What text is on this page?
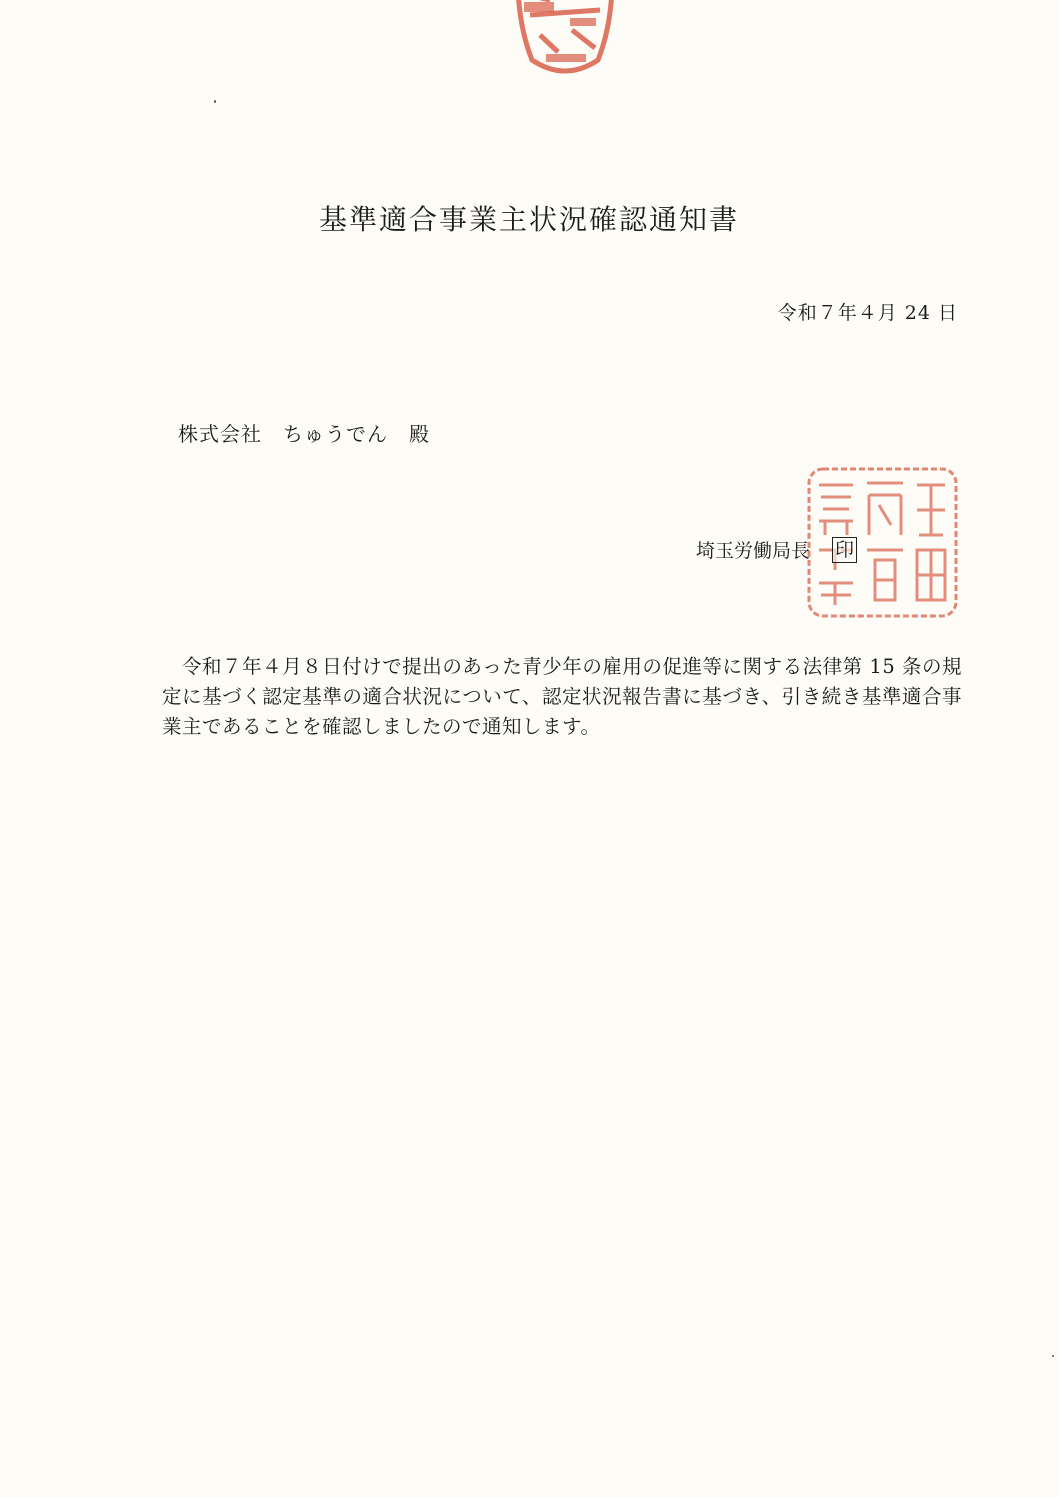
基準適合事業主状況確認通知書
令和７年４月 24 日
株式会社　ちゅうでん　殿
埼玉労働局長 印
令和７年４月８日付けで提出のあった青少年の雇用の促進等に関する法律第 15 条の規定に基づく認定基準の適合状況について、認定状況報告書に基づき、引き続き基準適合事業主であることを確認しましたので通知します。
